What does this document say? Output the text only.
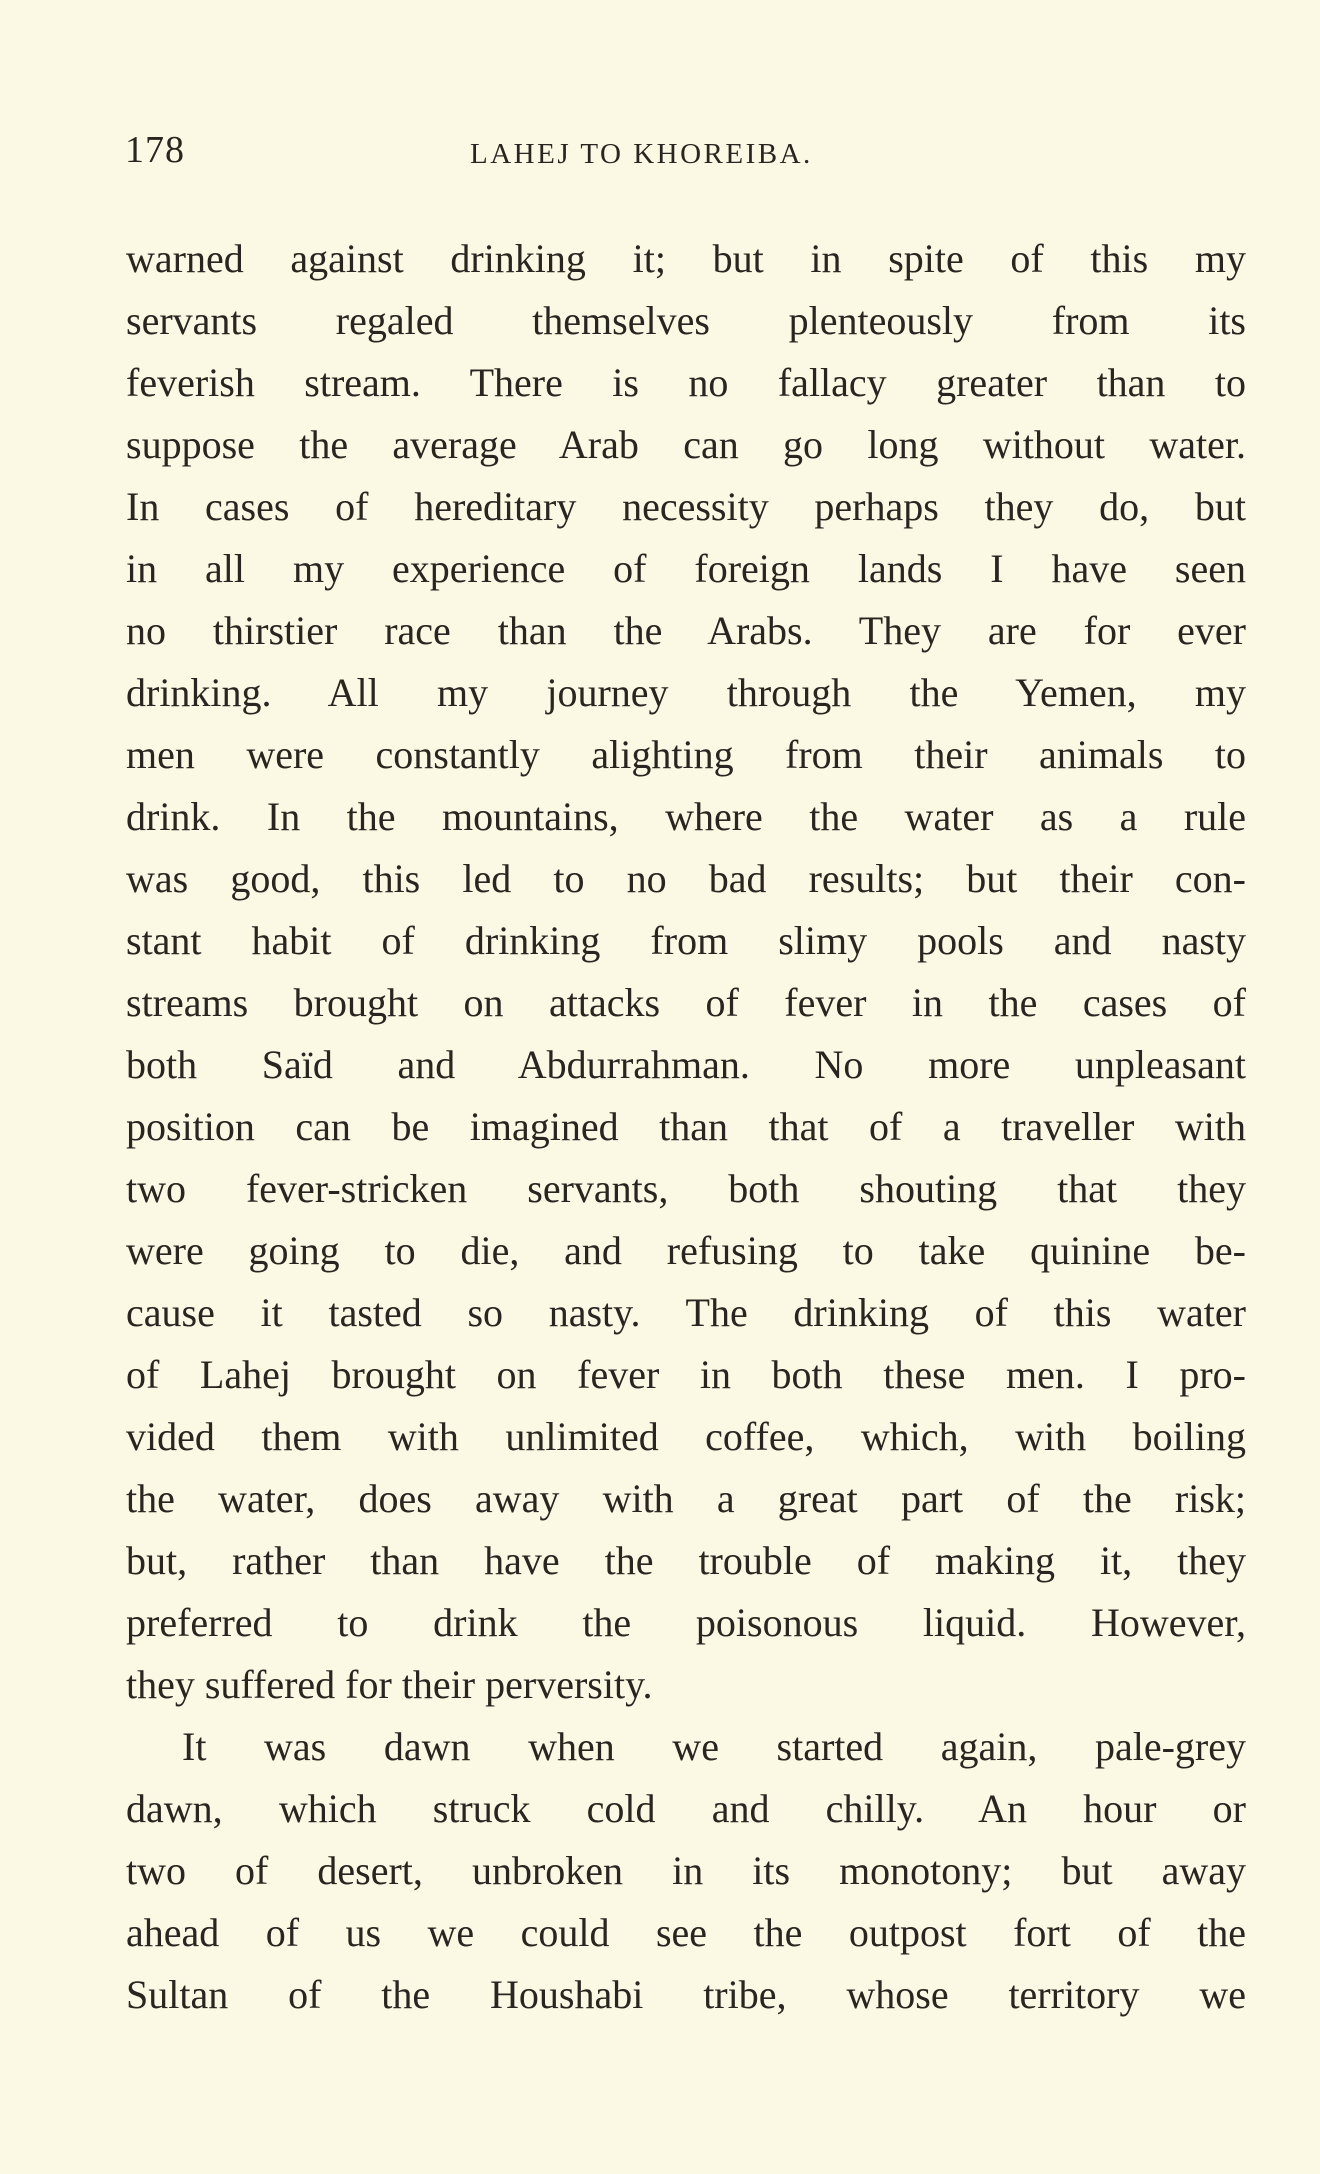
178	LAHEJ TO KHOREIBA.
warned against drinking it; but in spite of this my
servants regaled themselves plenteously from its
feverish stream. There is no fallacy greater than to
suppose the average Arab can go long without water.
In cases of hereditary necessity perhaps they do, but
in all my experience of foreign lands I have seen
no thirstier race than the Arabs. They are for ever
drinking. All my journey through the Yemen, my
men were constantly alighting from their animals to
drink. In the mountains, where the water as a rule
was good, this led to no bad results; but their con-
stant habit of drinking from slimy pools and nasty
streams brought on attacks of fever in the cases of
both Saïd and Abdurrahman. No more unpleasant
position can be imagined than that of a traveller with
two fever-stricken servants, both shouting that they
were going to die, and refusing to take quinine be-
cause it tasted so nasty. The drinking of this water
of Lahej brought on fever in both these men. I pro-
vided them with unlimited coffee, which, with boiling
the water, does away with a great part of the risk;
but, rather than have the trouble of making it, they
preferred to drink the poisonous liquid. However,
they suffered for their perversity.
It was dawn when we started again, pale-grey
dawn, which struck cold and chilly. An hour or
two of desert, unbroken in its monotony; but away
ahead of us we could see the outpost fort of the
Sultan of the Houshabi tribe, whose territory we
